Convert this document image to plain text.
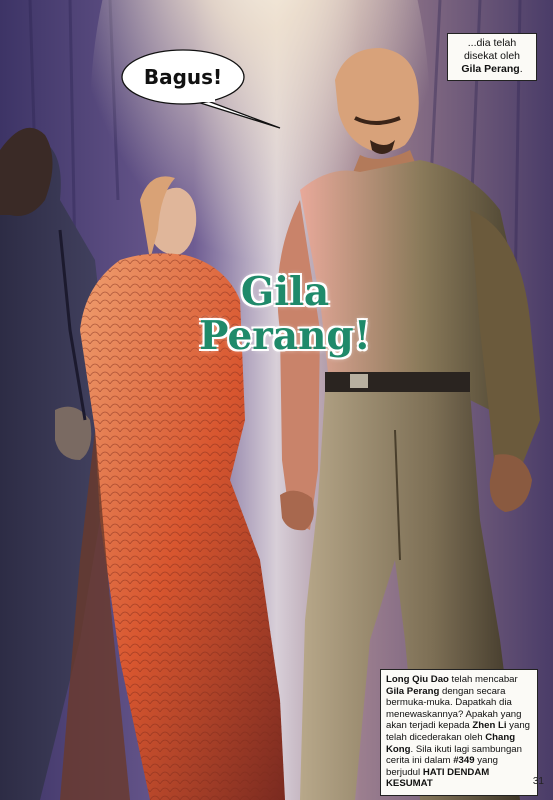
Bagus!
...dia telah
disekat oleh
Gila Perang.
Gila
Perang!
Long Qiu Dao telah mencabar Gila Perang dengan secara bermuka-muka. Dapatkah dia menewaskannya? Apakah yang akan terjadi kepada Zhen Li yang telah dicederakan oleh Chang Kong. Sila ikuti lagi sambungan cerita ini dalam #349 yang berjudul HATI DENDAM KESUMAT	31
